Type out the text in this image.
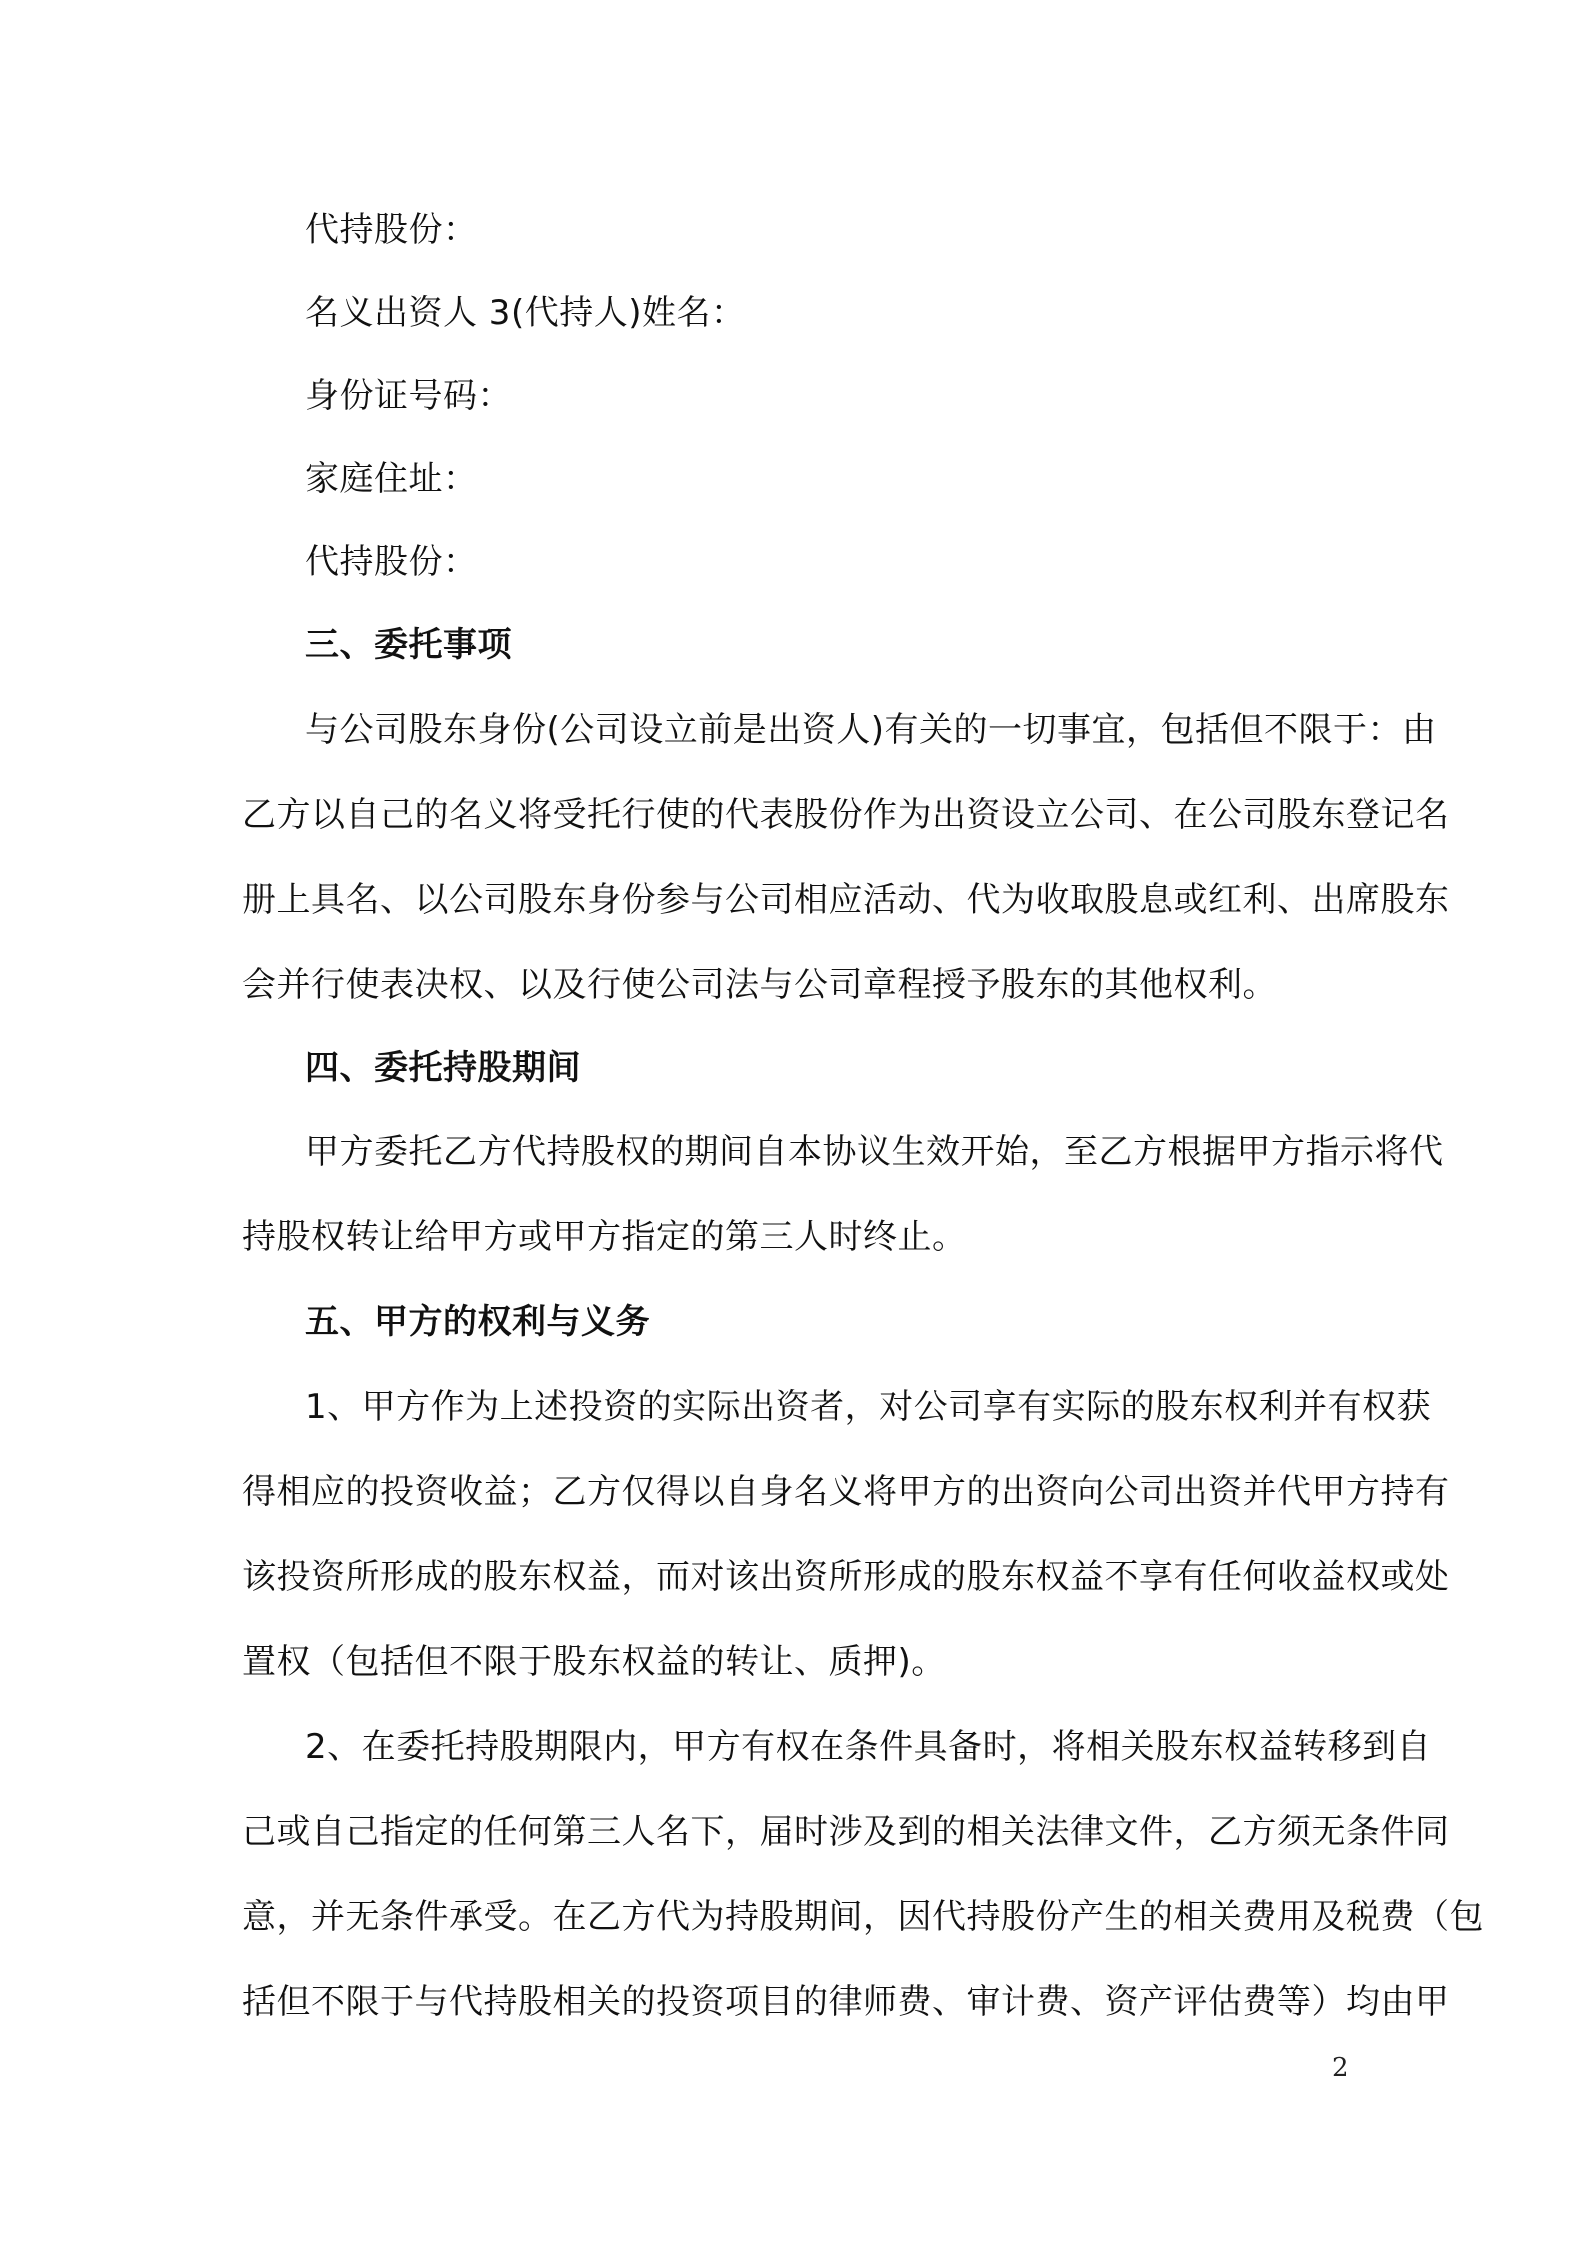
代持股份：
名义出资人 3(代持人)姓名：
身份证号码：
家庭住址：
代持股份：
三、委托事项
与公司股东身份(公司设立前是出资人)有关的一切事宜，包括但不限于：由
乙方以自己的名义将受托行使的代表股份作为出资设立公司、在公司股东登记名
册上具名、以公司股东身份参与公司相应活动、代为收取股息或红利、出席股东
会并行使表决权、以及行使公司法与公司章程授予股东的其他权利。
四、委托持股期间
甲方委托乙方代持股权的期间自本协议生效开始，至乙方根据甲方指示将代
持股权转让给甲方或甲方指定的第三人时终止。
五、甲方的权利与义务
1、甲方作为上述投资的实际出资者，对公司享有实际的股东权利并有权获
得相应的投资收益；乙方仅得以自身名义将甲方的出资向公司出资并代甲方持有
该投资所形成的股东权益，而对该出资所形成的股东权益不享有任何收益权或处
置权（包括但不限于股东权益的转让、质押)。
2、在委托持股期限内，甲方有权在条件具备时，将相关股东权益转移到自
己或自己指定的任何第三人名下，届时涉及到的相关法律文件，乙方须无条件同
意，并无条件承受。在乙方代为持股期间，因代持股份产生的相关费用及税费（包
括但不限于与代持股相关的投资项目的律师费、审计费、资产评估费等）均由甲
2
